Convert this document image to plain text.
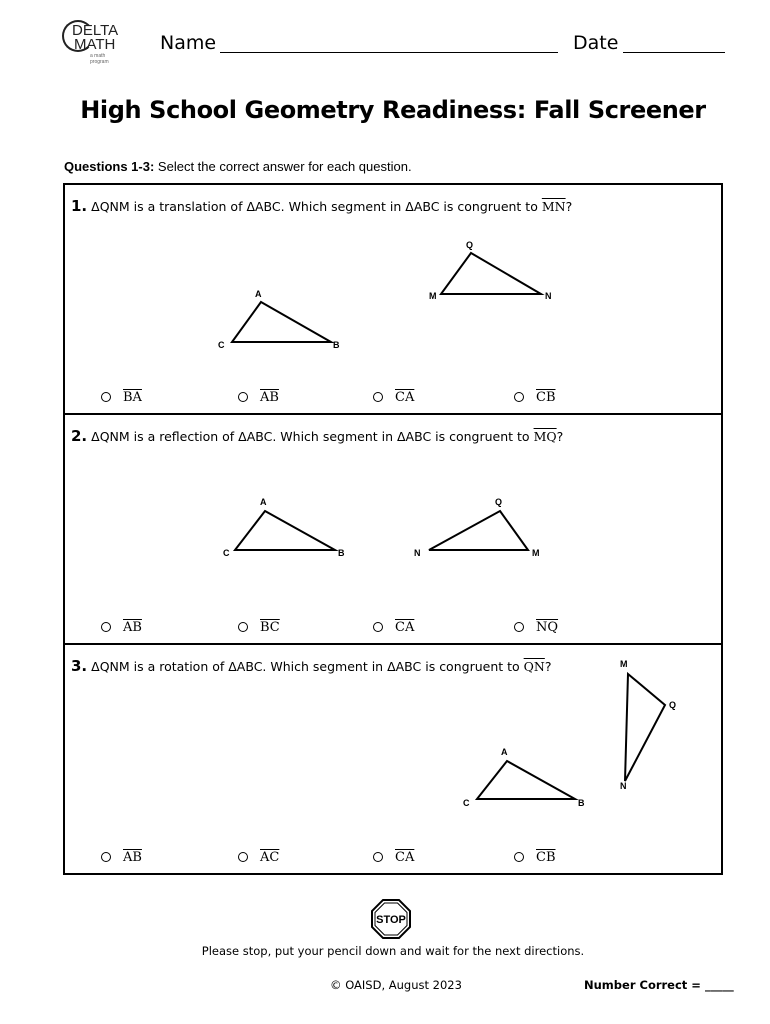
DELTA
MATH
a math program
Name	Date
High School Geometry Readiness: Fall Screener
Questions 1-3: Select the correct answer for each question.
1. ΔQNM is a translation of ΔABC. Which segment in ΔABC is congruent to $\overline{MN}$?
A
B
C
Q
M	N
$\overline{BA}$	$\overline{AB}$	$\overline{CA}$	$\overline{CB}$
2. ΔQNM is a reflection of ΔABC. Which segment in ΔABC is congruent to $\overline{MQ}$?
A
B
C
Q
N	M
$\overline{AB}$	$\overline{BC}$	$\overline{CA}$	$\overline{NQ}$
3. ΔQNM is a rotation of ΔABC. Which segment in ΔABC is congruent to $\overline{QN}$?	M
Q
N
A
C	B
$\overline{AB}$	$\overline{AC}$	$\overline{CA}$	$\overline{CB}$
STOP
Please stop, put your pencil down and wait for the next directions.
© OAISD, August 2023	Number Correct = _____
